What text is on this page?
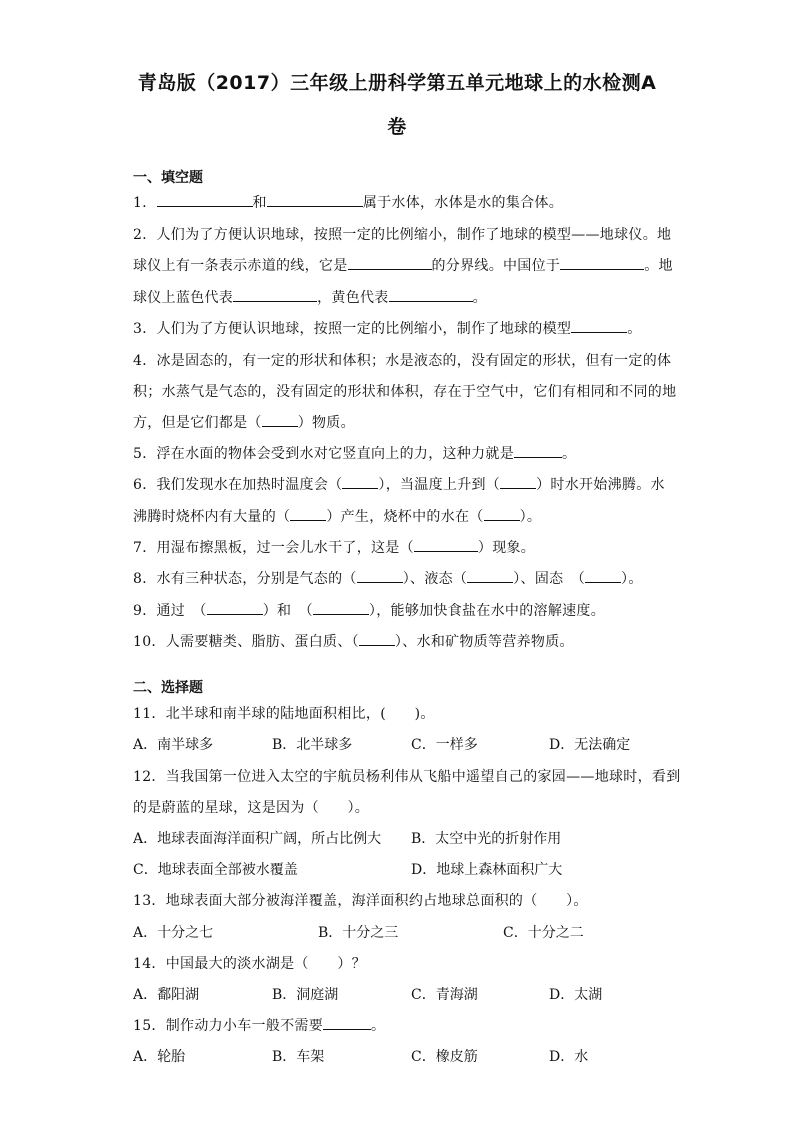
青岛版（2017）三年级上册科学第五单元地球上的水检测A
卷
一、填空题
1．	和	属于水体，水体是水的集合体。
2．人们为了方便认识地球，按照一定的比例缩小，制作了地球的模型——地球仪。地
球仪上有一条表示赤道的线，它是	的分界线。中国位于	。地
球仪上蓝色代表	，黄色代表	。
3．人们为了方便认识地球，按照一定的比例缩小，制作了地球的模型	。
4．冰是固态的，有一定的形状和体积；水是液态的，没有固定的形状，但有一定的体
积；水蒸气是气态的，没有固定的形状和体积，存在于空气中，它们有相同和不同的地
方，但是它们都是（	）物质。
5．浮在水面的物体会受到水对它竖直向上的力，这种力就是	。
6．我们发现水在加热时温度会（	），当温度上升到（	）时水开始沸腾。水
沸腾时烧杯内有大量的（	）产生，烧杯中的水在（	）。
7．用湿布擦黑板，过一会儿水干了，这是（	）现象。
8．水有三种状态，分别是气态的（	）、液态（	）、固态　（	）。
9．通过　（	）和　（	），能够加快食盐在水中的溶解速度。
10．人需要糖类、脂肪、蛋白质、（	）、水和矿物质等营养物质。
二、选择题
11．北半球和南半球的陆地面积相比，(　　)。
A．南半球多	B．北半球多	C．一样多	D．无法确定
12．当我国第一位进入太空的宇航员杨利伟从飞船中遥望自己的家园——地球时，看到
的是蔚蓝的星球，这是因为（　　）。
A．地球表面海洋面积广阔，所占比例大 B．太空中光的折射作用
C．地球表面全部被水覆盖	D．地球上森林面积广大
13．地球表面大部分被海洋覆盖，海洋面积约占地球总面积的（　　）。
A．十分之七	B．十分之三	C．十分之二
14．中国最大的淡水湖是（　　）？
A．鄱阳湖	B．洞庭湖	C．青海湖	D．太湖
15．制作动力小车一般不需要	。
A．轮胎	B．车架	C．橡皮筋	D．水
